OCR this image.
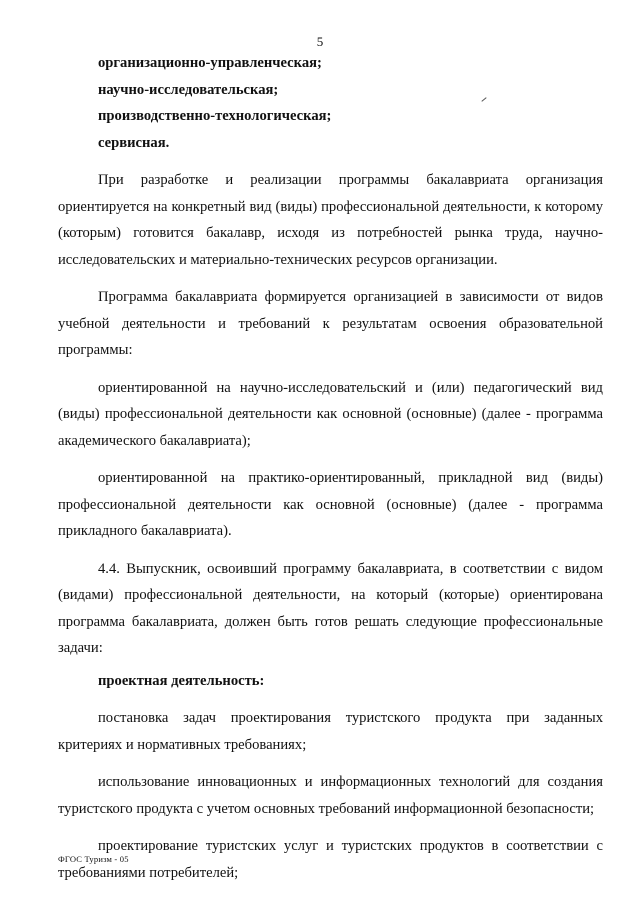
5

организационно-управленческая;

научно-исследовательская;

производственно-технологическая;

сервисная.

При разработке и реализации программы бакалавриата организация ориентируется на конкретный вид (виды) профессиональной деятельности, к которому (которым) готовится бакалавр, исходя из потребностей рынка труда, научно-исследовательских и материально-технических ресурсов организации.

Программа бакалавриата формируется организацией в зависимости от видов учебной деятельности и требований к результатам освоения образовательной программы:

ориентированной на научно-исследовательский и (или) педагогический вид (виды) профессиональной деятельности как основной (основные) (далее - программа академического бакалавриата);

ориентированной на практико-ориентированный, прикладной вид (виды) профессиональной деятельности как основной (основные) (далее - программа прикладного бакалавриата).

4.4. Выпускник, освоивший программу бакалавриата, в соответствии с видом (видами) профессиональной деятельности, на который (которые) ориентирована программа бакалавриата, должен быть готов решать следующие профессиональные задачи:

проектная деятельность:

постановка задач проектирования туристского продукта при заданных критериях и нормативных требованиях;

использование инновационных и информационных технологий для создания туристского продукта с учетом основных требований информационной безопасности;

проектирование туристских услуг и туристских продуктов в соответствии с требованиями потребителей;

ФГОС Туризм - 05
